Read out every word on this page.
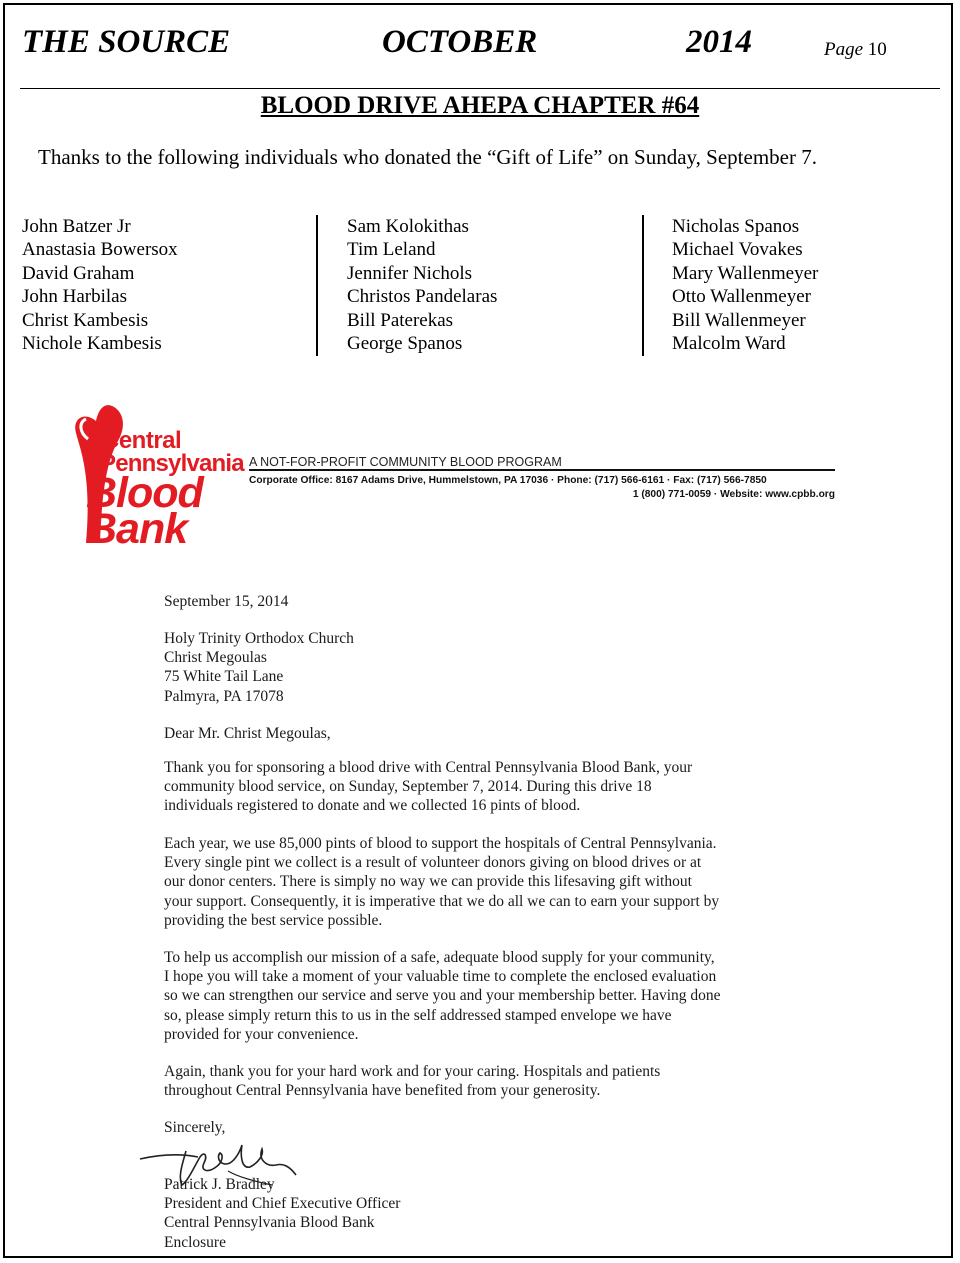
THE SOURCE	OCTOBER	2014	Page 10
BLOOD DRIVE AHEPA CHAPTER #64
Thanks to the following individuals who donated the “Gift of Life” on Sunday, September 7.
John Batzer Jr
Anastasia Bowersox
David Graham
John Harbilas
Christ Kambesis
Nichole Kambesis
Sam Kolokithas
Tim Leland
Jennifer Nichols
Christos Pandelaras
Bill Paterekas
George Spanos
Nicholas Spanos
Michael Vovakes
Mary Wallenmeyer
Otto Wallenmeyer
Bill Wallenmeyer
Malcolm Ward
Central
Pennsylvania
Blood
Bank
A NOT-FOR-PROFIT COMMUNITY BLOOD PROGRAM
Corporate Office: 8167 Adams Drive, Hummelstown, PA 17036 · Phone: (717) 566-6161 · Fax: (717) 566-7850
1 (800) 771-0059 · Website: www.cpbb.org
September 15, 2014
Holy Trinity Orthodox Church
Christ Megoulas
75 White Tail Lane
Palmyra, PA 17078
Dear Mr. Christ Megoulas,
Thank you for sponsoring a blood drive with Central Pennsylvania Blood Bank, your
community blood service, on Sunday, September 7, 2014. During this drive 18
individuals registered to donate and we collected 16 pints of blood.
Each year, we use 85,000 pints of blood to support the hospitals of Central Pennsylvania.
Every single pint we collect is a result of volunteer donors giving on blood drives or at
our donor centers. There is simply no way we can provide this lifesaving gift without
your support. Consequently, it is imperative that we do all we can to earn your support by
providing the best service possible.
To help us accomplish our mission of a safe, adequate blood supply for your community,
I hope you will take a moment of your valuable time to complete the enclosed evaluation
so we can strengthen our service and serve you and your membership better. Having done
so, please simply return this to us in the self addressed stamped envelope we have
provided for your convenience.
Again, thank you for your hard work and for your caring. Hospitals and patients
throughout Central Pennsylvania have benefited from your generosity.
Sincerely,
Patrick J. Bradley
President and Chief Executive Officer
Central Pennsylvania Blood Bank
Enclosure
